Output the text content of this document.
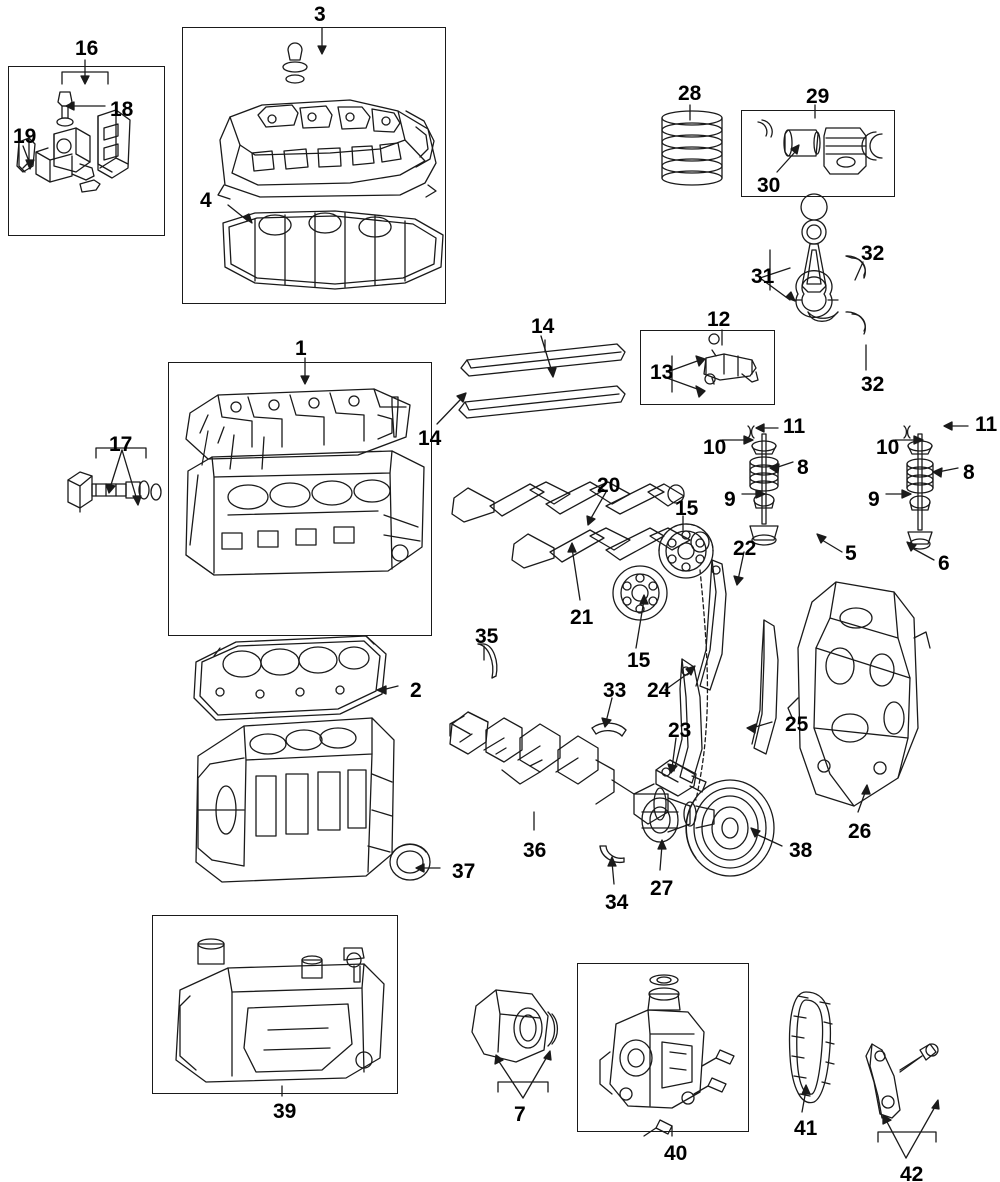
3
16
28	29
18
19
30
4
31
32
32
12
14
13
1
14
11	11
17	10	10
8	8
9	9
20
15
22	5	6
21
15
35
2	33 24
23	25
26
36
37
38
27
34
39	7
40
41
42
